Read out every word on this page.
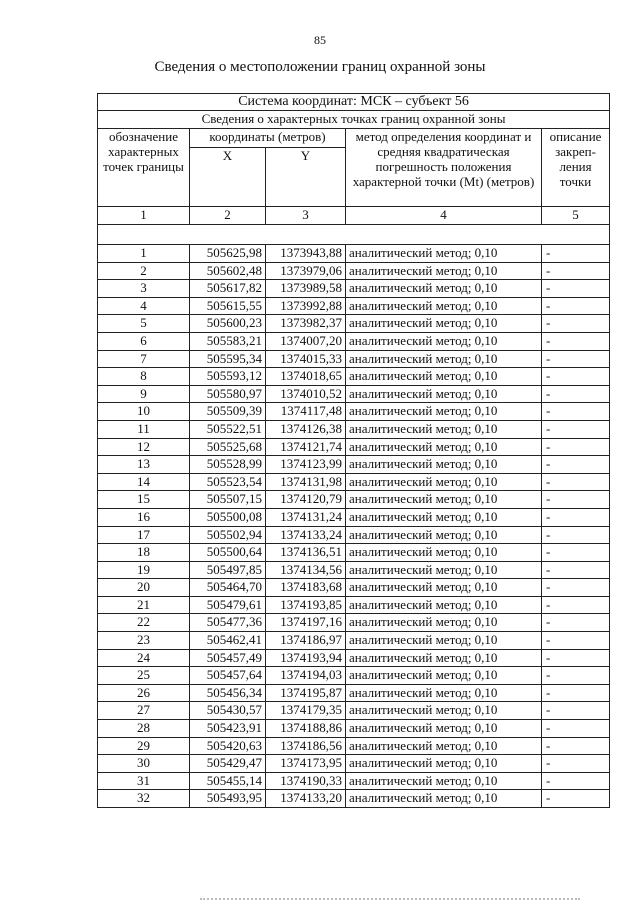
85
Сведения о местоположении границ охранной зоны
Система координат: МСК – субъект 56				
Сведения о характерных точках границ охранной зоны				
обозначение характерных точек границы	координаты (метров)		метод определения координат и средняя квадратическая погрешность положения характерной точки (Mt) (метров)	описание закреп-ления точки
	X	Y		
1	2	3	4	5

1	505625,98	1373943,88	аналитический метод; 0,10	-
2	505602,48	1373979,06	аналитический метод; 0,10	-
3	505617,82	1373989,58	аналитический метод; 0,10	-
4	505615,55	1373992,88	аналитический метод; 0,10	-
5	505600,23	1373982,37	аналитический метод; 0,10	-
6	505583,21	1374007,20	аналитический метод; 0,10	-
7	505595,34	1374015,33	аналитический метод; 0,10	-
8	505593,12	1374018,65	аналитический метод; 0,10	-
9	505580,97	1374010,52	аналитический метод; 0,10	-
10	505509,39	1374117,48	аналитический метод; 0,10	-
11	505522,51	1374126,38	аналитический метод; 0,10	-
12	505525,68	1374121,74	аналитический метод; 0,10	-
13	505528,99	1374123,99	аналитический метод; 0,10	-
14	505523,54	1374131,98	аналитический метод; 0,10	-
15	505507,15	1374120,79	аналитический метод; 0,10	-
16	505500,08	1374131,24	аналитический метод; 0,10	-
17	505502,94	1374133,24	аналитический метод; 0,10	-
18	505500,64	1374136,51	аналитический метод; 0,10	-
19	505497,85	1374134,56	аналитический метод; 0,10	-
20	505464,70	1374183,68	аналитический метод; 0,10	-
21	505479,61	1374193,85	аналитический метод; 0,10	-
22	505477,36	1374197,16	аналитический метод; 0,10	-
23	505462,41	1374186,97	аналитический метод; 0,10	-
24	505457,49	1374193,94	аналитический метод; 0,10	-
25	505457,64	1374194,03	аналитический метод; 0,10	-
26	505456,34	1374195,87	аналитический метод; 0,10	-
27	505430,57	1374179,35	аналитический метод; 0,10	-
28	505423,91	1374188,86	аналитический метод; 0,10	-
29	505420,63	1374186,56	аналитический метод; 0,10	-
30	505429,47	1374173,95	аналитический метод; 0,10	-
31	505455,14	1374190,33	аналитический метод; 0,10	-
32	505493,95	1374133,20	аналитический метод; 0,10	-
